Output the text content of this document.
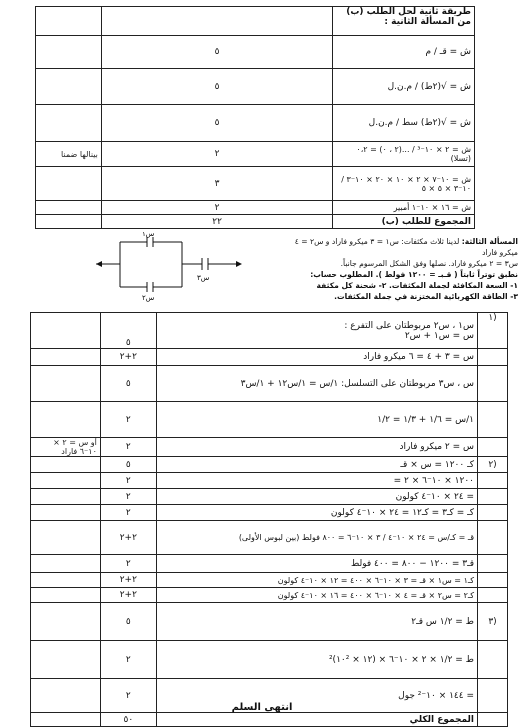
		طريقة ثانية لحل الطلب (ب) من المسألة الثانية :
	٥	ش = قـ / م
	٥	ش = √(٢ط) / م.ن.ل
	٥	ش = √(٢ط) سط / م.ن.ل
بينالها ضمنا	٢	ش = ٢ × ١٠⁻³ / ...(٢ ، ٠) = ٠،٢ (تسلا)
	٣	ش = ١٠⁻٧ × ٢ × ١٠ × ٢٠ × ١٠⁻٣ / ١٠⁻٣ × ٥ × ٥
	٢	ش = ١٦ × ١٠⁻١ أمبير
	٢٢	المجموع للطلب (ب)
المسألة الثالثة: لدينا ثلاث مكثفات: س١ = ٣ ميكرو فاراد و س٢ = ٤ ميكرو فاراد
س٣ = ٢ ميكرو فاراد. نصلها وفق الشكل المرسوم جانباً.
نطبق توتراً ثابتاً ( قـبـ = ١٢٠٠ فولط ). المطلوب حساب:
١- السعة المكافئة لجملة المكثفات. ٢- شحنة كل مكثفة
٣- الطاقة الكهربائية المختزنة في جملة المكثفات.
س١
س٢
س٣
	٥	س١ ، س٢ مربوطتان على التفرع :
س = س١ + س٢	١)
	٢+٢	س = ٣ + ٤ = ٦ ميكرو فاراد	
	٥	س ، س٣ مربوطتان على التسلسل: ١/س = ١/س١٢ + ١/س٣	
	٢	١/س = ١/٦ + ١/٣ = ١/٢	
أو س = ٢ × ١٠⁻٦ فاراد	٢	س = ٢ ميكرو فاراد	
	٥	كـ ١٢٠٠ = س × قـ	٢)
	٢	١٢٠٠ × ١٠⁻٦ × ٢ =	
	٢	= ٢٤ × ١٠⁻٤ كولون	
	٢	كـ = كـ٣ = كـ١٢ = ٢٤ × ١٠⁻٤ كولون	
	٢+٢	قـ = كـ/س = ٢٤ × ١٠⁻٤ / ٣ × ١٠⁻٦ = ٨٠٠ فولط (بين لبوس الأولى)	
	٢	قـ٣ = ١٢٠٠ − ٨٠٠ = ٤٠٠ فولط	
	٢+٢	كـ١ = س١ × قـ = ٣ × ١٠⁻٦ × ٤٠٠ = ١٢ × ١٠⁻٤ كولون	
	٢+٢	كـ٢ = س٢ × قـ = ٤ × ١٠⁻٦ × ٤٠٠ = ١٦ × ١٠⁻٤ كولون	
	٥	ط = ١/٢ س قـ٢	٣)
	٢	ط = ١/٢ × ٢ × ١٠⁻٦ × (١٢ × ١٠²)²	
	٢	= ١٤٤ × ١٠⁻² جول	
	٥٠	المجموع الكلي	
انتهى السلم
